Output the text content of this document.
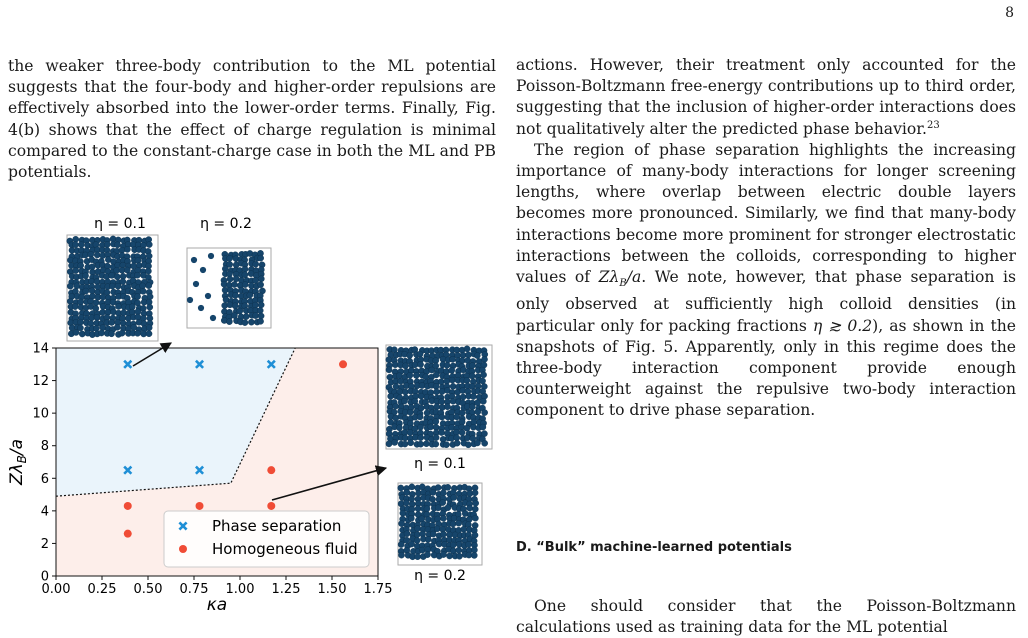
8

the weaker three-body contribution to the ML potential suggests that the four-body and higher-order repulsions are effectively absorbed into the lower-order terms. Finally, Fig. 4(b) shows that the effect of charge regulation is minimal compared to the constant-charge case in both the ML and PB potentials.

0.00 0.25 0.50 0.75 1.00 1.25 1.50 1.75
0
2
4
6
8
10
12
14
κa
$Z\lambda_B/a$
Phase separation
Homogeneous fluid
η = 0.1	η = 0.2
η = 0.1
η = 0.2

actions. However, their treatment only accounted for the Poisson-Boltzmann free-energy contributions up to third order, suggesting that the inclusion of higher-order interactions does not qualitatively alter the predicted phase behavior.$^{23}$

The region of phase separation highlights the increasing importance of many-body interactions for longer screening lengths, where overlap between electric double layers becomes more pronounced. Similarly, we find that many-body interactions become more prominent for stronger electrostatic interactions between the colloids, corresponding to higher values of $Z\lambda_B/a$. We note, however, that phase separation is only observed at sufficiently high colloid densities (in particular only for packing fractions η ≳ 0.2), as shown in the snapshots of Fig. 5. Apparently, only in this regime does the three-body interaction component provide enough counterweight against the repulsive two-body interaction component to drive phase separation.

D. “Bulk” machine-learned potentials

One should consider that the Poisson-Boltzmann calculations used as training data for the ML potential
